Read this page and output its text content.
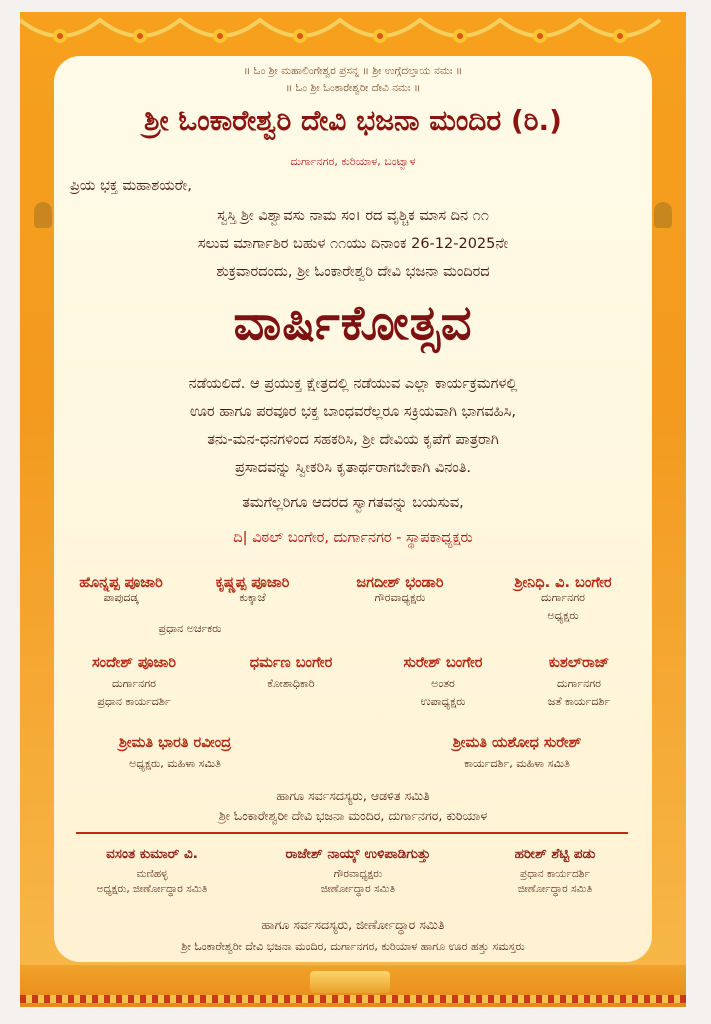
॥ ಓಂ ಶ್ರೀ ಮಹಾಲಿಂಗೇಶ್ವರ ಪ್ರಸನ್ನ ॥ ಶ್ರೀ ಉಗ್ಗೆದಲ್ತಾಯ ನಮಃ ॥
॥ ಓಂ ಶ್ರೀ ಓಂಕಾರೇಶ್ವರೀ ದೇವಿ ನಮಃ ॥
ಶ್ರೀ ಓಂಕಾರೇಶ್ವರಿ ದೇವಿ ಭಜನಾ ಮಂದಿರ (ರಿ.)
ದುರ್ಗಾನಗರ, ಕುರಿಯಾಳ, ಬಂಟ್ವಾಳ
ಪ್ರಿಯ ಭಕ್ತ ಮಹಾಶಯರೇ,
ಸ್ವಸ್ತಿ ಶ್ರೀ ವಿಶ್ವಾವಸು ನಾಮ ಸಂ। ರದ ವೃಶ್ಚಿಕ ಮಾಸ ದಿನ ೧೧
ಸಲುವ ಮಾರ್ಗಾಶಿರ ಬಹುಳ ೧೧ಯು ದಿನಾಂಕ 26-12-2025ನೇ
ಶುಕ್ರವಾರದಂದು, ಶ್ರೀ ಓಂಕಾರೇಶ್ವರಿ ದೇವಿ ಭಜನಾ ಮಂದಿರದ
ವಾರ್ಷಿಕೋತ್ಸವ
ನಡೆಯಲಿದೆ. ಆ ಪ್ರಯುಕ್ತ ಕ್ಷೇತ್ರದಲ್ಲಿ ನಡೆಯುವ ಎಲ್ಲಾ ಕಾರ್ಯಕ್ರಮಗಳಲ್ಲಿ
ಊರ ಹಾಗೂ ಪರವೂರ ಭಕ್ತ ಬಾಂಧವರೆಲ್ಲರೂ ಸಕ್ರಿಯವಾಗಿ ಭಾಗವಹಿಸಿ,
ತನು-ಮನ-ಧನಗಳಿಂದ ಸಹಕರಿಸಿ, ಶ್ರೀ ದೇವಿಯ ಕೃಪೆಗೆ ಪಾತ್ರರಾಗಿ
ಪ್ರಸಾದವನ್ನು ಸ್ವೀಕರಿಸಿ ಕೃತಾರ್ಥರಾಗಬೇಕಾಗಿ ವಿನಂತಿ.
ತಮಗೆಲ್ಲರಿಗೂ ಆದರದ ಸ್ವಾಗತವನ್ನು ಬಯಸುವ,
ದಿ| ವಿಠಲ್ ಬಂಗೇರ, ದುರ್ಗಾನಗರ - ಸ್ಥಾಪಕಾಧ್ಯಕ್ಷರು
ಹೊನ್ನಪ್ಪ ಪೂಜಾರಿ
ಪಾಪುದಡ್ಕ
ಕೃಷ್ಣಪ್ಪ ಪೂಜಾರಿ
ಕುಕ್ಕಾಜೆ
ಪ್ರಧಾನ ಅರ್ಚಕರು
ಜಗದೀಶ್ ಭಂಡಾರಿ
ಗೌರವಾಧ್ಯಕ್ಷರು
ಶ್ರೀನಿಧಿ. ವಿ. ಬಂಗೇರ
ದುರ್ಗಾನಗರ
ಅಧ್ಯಕ್ಷರು
ಸಂದೇಶ್ ಪೂಜಾರಿ
ದುರ್ಗಾನಗರ
ಪ್ರಧಾನ ಕಾರ್ಯದರ್ಶಿ
ಧರ್ಮಣ ಬಂಗೇರ
ಕೋಶಾಧಿಕಾರಿ
ಸುರೇಶ್ ಬಂಗೇರ
ಅಂತರ
ಉಪಾಧ್ಯಕ್ಷರು
ಕುಶಲ್‌ರಾಜ್
ದುರ್ಗಾನಗರ
ಜತೆ ಕಾರ್ಯದರ್ಶಿ
ಶ್ರೀಮತಿ ಭಾರತಿ ರವೀಂದ್ರ
ಅಧ್ಯಕ್ಷರು, ಮಹಿಳಾ ಸಮಿತಿ
ಶ್ರೀಮತಿ ಯಶೋಧ ಸುರೇಶ್
ಕಾರ್ಯದರ್ಶಿ, ಮಹಿಳಾ ಸಮಿತಿ
ಹಾಗೂ ಸರ್ವಸದಸ್ಯರು, ಆಡಳಿತ ಸಮಿತಿ
ಶ್ರೀ ಓಂಕಾರೇಶ್ವರೀ ದೇವಿ ಭಜನಾ ಮಂದಿರ, ದುರ್ಗಾನಗರ, ಕುರಿಯಾಳ
ವಸಂತ ಕುಮಾರ್ ವಿ.
ಮಣಿಹಳ್ಳ
ಅಧ್ಯಕ್ಷರು, ಜೀರ್ಣೋದ್ಧಾರ ಸಮಿತಿ
ರಾಜೇಶ್ ನಾಯ್ಕ್ ಉಳಿಪಾಡಿಗುತ್ತು
ಗೌರವಾಧ್ಯಕ್ಷರು
ಜೀರ್ಣೋದ್ಧಾರ ಸಮಿತಿ
ಹರೀಶ್ ಶೆಟ್ಟಿ ಪಡು
ಪ್ರಧಾನ ಕಾರ್ಯದರ್ಶಿ
ಜೀರ್ಣೋದ್ಧಾರ ಸಮಿತಿ
ಹಾಗೂ ಸರ್ವಸದಸ್ಯರು, ಜೀರ್ಣೋದ್ಧಾರ ಸಮಿತಿ
ಶ್ರೀ ಓಂಕಾರೇಶ್ವರೀ ದೇವಿ ಭಜನಾ ಮಂದಿರ, ದುರ್ಗಾನಗರ, ಕುರಿಯಾಳ ಹಾಗೂ ಊರ ಹತ್ತು ಸಮಸ್ತರು
